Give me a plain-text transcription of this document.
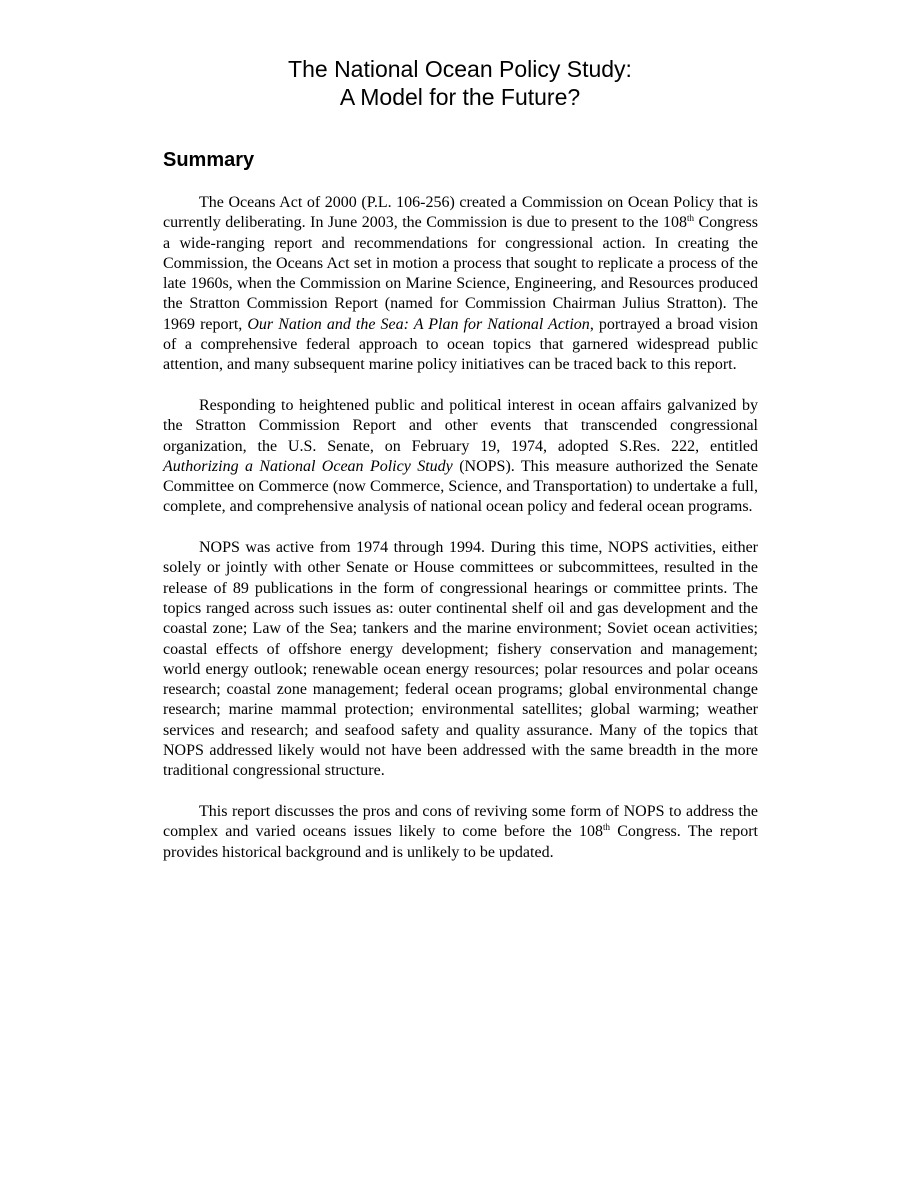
The National Ocean Policy Study:
A Model for the Future?
Summary

The Oceans Act of 2000 (P.L. 106-256) created a Commission on Ocean Policy that is currently deliberating. In June 2003, the Commission is due to present to the 108th Congress a wide-ranging report and recommendations for congressional action. In creating the Commission, the Oceans Act set in motion a process that sought to replicate a process of the late 1960s, when the Commission on Marine Science, Engineering, and Resources produced the Stratton Commission Report (named for Commission Chairman Julius Stratton). The 1969 report, Our Nation and the Sea: A Plan for National Action, portrayed a broad vision of a comprehensive federal approach to ocean topics that garnered widespread public attention, and many subsequent marine policy initiatives can be traced back to this report.

Responding to heightened public and political interest in ocean affairs galvanized by the Stratton Commission Report and other events that transcended congressional organization, the U.S. Senate, on February 19, 1974, adopted S.Res. 222, entitled Authorizing a National Ocean Policy Study (NOPS). This measure authorized the Senate Committee on Commerce (now Commerce, Science, and Transportation) to undertake a full, complete, and comprehensive analysis of national ocean policy and federal ocean programs.

NOPS was active from 1974 through 1994. During this time, NOPS activities, either solely or jointly with other Senate or House committees or subcommittees, resulted in the release of 89 publications in the form of congressional hearings or committee prints. The topics ranged across such issues as: outer continental shelf oil and gas development and the coastal zone; Law of the Sea; tankers and the marine environment; Soviet ocean activities; coastal effects of offshore energy development; fishery conservation and management; world energy outlook; renewable ocean energy resources; polar resources and polar oceans research; coastal zone management; federal ocean programs; global environmental change research; marine mammal protection; environmental satellites; global warming; weather services and research; and seafood safety and quality assurance. Many of the topics that NOPS addressed likely would not have been addressed with the same breadth in the more traditional congressional structure.

This report discusses the pros and cons of reviving some form of NOPS to address the complex and varied oceans issues likely to come before the 108th Congress. The report provides historical background and is unlikely to be updated.
